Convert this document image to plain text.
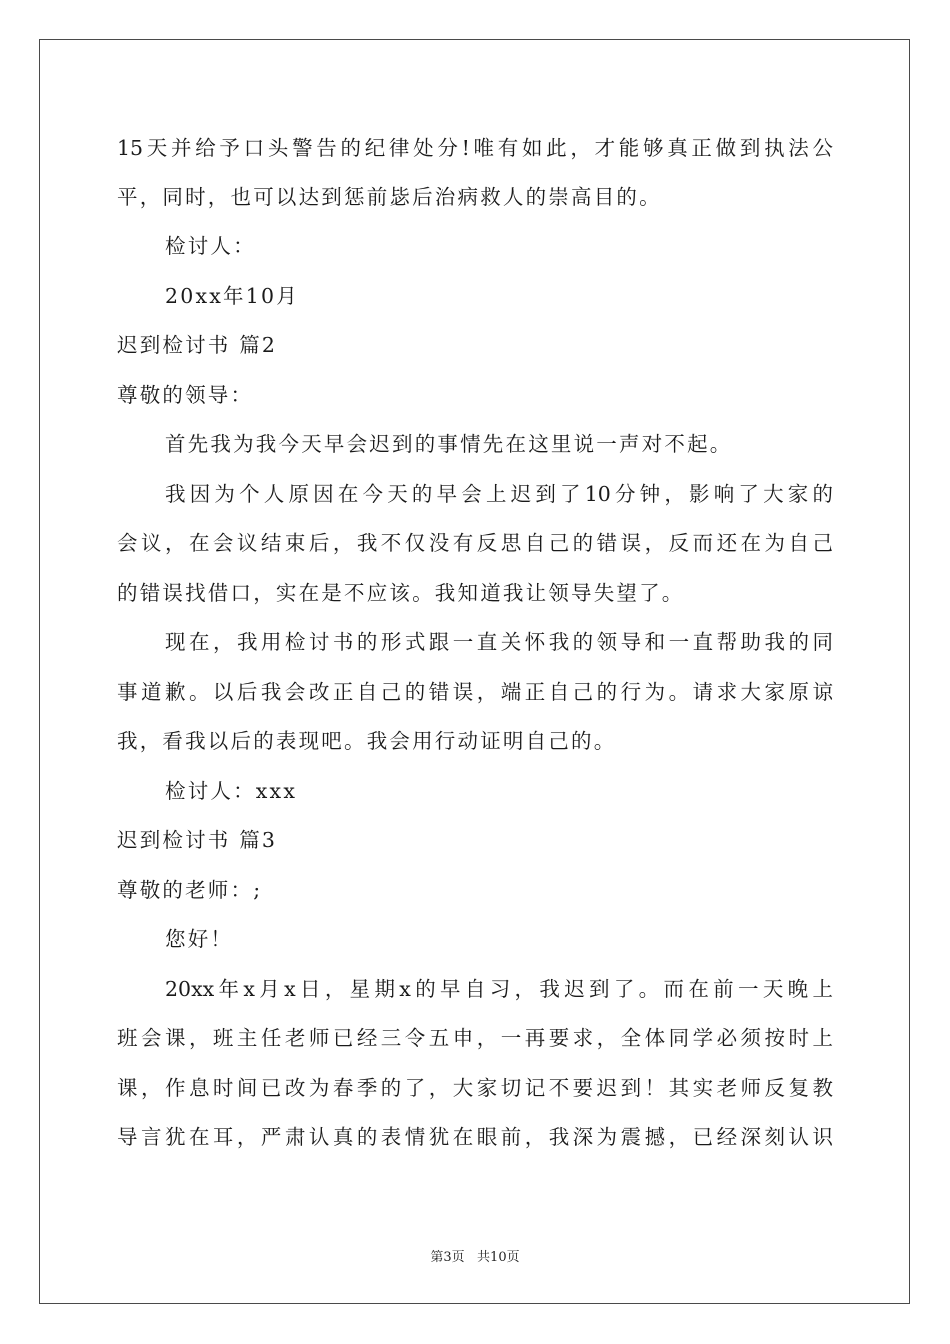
15天并给予口头警告的纪律处分!唯有如此，才能够真正做到执法公
平，同时，也可以达到惩前毖后治病救人的崇高目的。
检讨人：
20xx年10月
迟到检讨书 篇2
尊敬的领导：
首先我为我今天早会迟到的事情先在这里说一声对不起。
我因为个人原因在今天的早会上迟到了10分钟，影响了大家的
会议，在会议结束后，我不仅没有反思自己的错误，反而还在为自己
的错误找借口，实在是不应该。我知道我让领导失望了。
现在，我用检讨书的形式跟一直关怀我的领导和一直帮助我的同
事道歉。以后我会改正自己的错误，端正自己的行为。请求大家原谅
我，看我以后的表现吧。我会用行动证明自己的。
检讨人：xxx
迟到检讨书 篇3
尊敬的老师：;
您好！
20xx年x月x日，星期x的早自习，我迟到了。而在前一天晚上
班会课，班主任老师已经三令五申，一再要求，全体同学必须按时上
课，作息时间已改为春季的了，大家切记不要迟到！其实老师反复教
导言犹在耳，严肃认真的表情犹在眼前，我深为震撼，已经深刻认识
第3页   共10页
